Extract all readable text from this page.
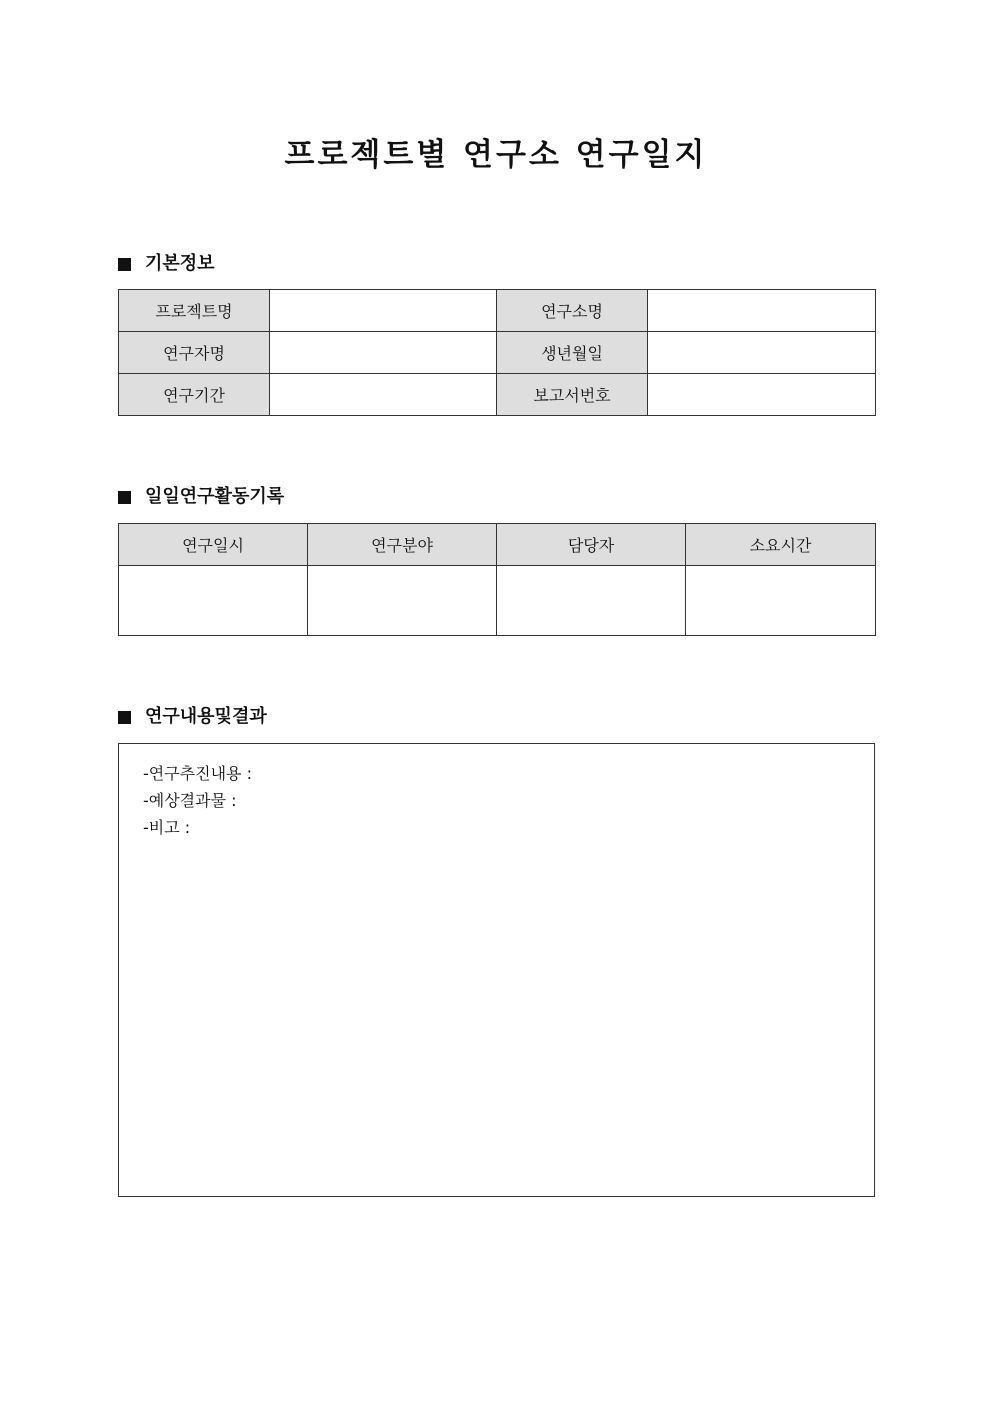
프로젝트별 연구소 연구일지
기본정보
프로젝트명		연구소명	
연구자명		생년월일	
연구기간		보고서번호	
일일연구활동기록
연구일시	연구분야	담당자	소요시간

연구내용및결과
-연구추진내용 :
-예상결과물 :
-비고 :
